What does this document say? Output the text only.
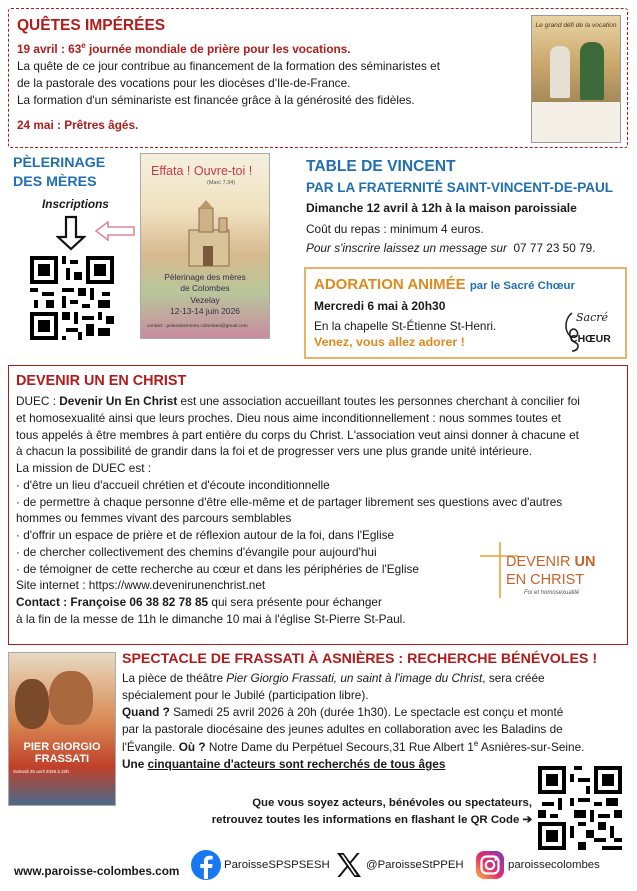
QUÊTES IMPÉRÉES

19 avril : 63e journée mondiale de prière pour les vocations.

La quête de ce jour contribue au financement de la formation des séminaristes et

de la pastorale des vocations pour les diocèses d'Ile-de-France.

La formation d'un séminariste est financée grâce à la générosité des fidèles.

24 mai : Prêtres âgés.

Le grand défi de la vocation
PÈLERINAGE
DES MÈRES
Inscriptions
Effata ! Ouvre-toi !
(Marc 7,34)
Pèlerinage des mères
de Colombes
Vezelay
12-13-14 juin 2026
contact : pelesdesmeres.colombes@gmail.com
TABLE DE VINCENT
PAR LA FRATERNITÉ SAINT-VINCENT-DE-PAUL
Dimanche 12 avril à 12h à la maison paroissiale
Coût du repas : minimum 4 euros.
Pour s'inscrire laissez un message sur 07 77 23 50 79.
ADORATION ANIMÉE par le Sacré Chœur
Mercredi 6 mai à 20h30
En la chapelle St-Étienne St-Henri.
Venez, vous allez adorer !
Sacré
CHŒUR
DEVENIR UN EN CHRIST

DUEC : Devenir Un En Christ est une association accueillant toutes les personnes cherchant à concilier foi

et homosexualité ainsi que leurs proches. Dieu nous aime inconditionnellement : nous sommes toutes et

tous appelés à être membres à part entière du corps du Christ. L'association veut ainsi donner à chacune et

à chacun la possibilité de grandir dans la foi et de progresser vers une plus grande unité intérieure.

La mission de DUEC est :

· d'être un lieu d'accueil chrétien et d'écoute inconditionnelle

· de permettre à chaque personne d'être elle-même et de partager librement ses questions avec d'autres

hommes ou femmes vivant des parcours semblables

· d'offrir un espace de prière et de réflexion autour de la foi, dans l'Eglise

· de chercher collectivement des chemins d'évangile pour aujourd'hui

· de témoigner de cette recherche au cœur et dans les périphéries de l'Eglise

Site internet : https://www.devenirunenchrist.net

Contact : Françoise 06 38 82 78 85 qui sera présente pour échanger

à la fin de la messe de 11h le dimanche 10 mai à l'église St-Pierre St-Paul.

DEVENIR UN
EN CHRIST
Foi et homosexualité
PIER GIORGIO
FRASSATI
Samedi 25 avril 2026 à 20h
SPECTACLE DE FRASSATI À ASNIÈRES : RECHERCHE BÉNÉVOLES !

La pièce de théâtre Pier Giorgio Frassati, un saint à l'image du Christ, sera créée

spécialement pour le Jubilé (participation libre).

Quand ? Samedi 25 avril 2026 à 20h (durée 1h30). Le spectacle est conçu et monté

par la pastorale diocésaine des jeunes adultes en collaboration avec les Baladins de

l'Évangile. Où ? Notre Dame du Perpétuel Secours,31 Rue Albert 1e Asnières-sur-Seine.

Une cinquantaine d'acteurs sont recherchés de tous âges

Que vous soyez acteurs, bénévoles ou spectateurs,
retrouvez toutes les informations en flashant le QR Code ➔
www.paroisse-colombes.com	ParoisseSPSPSESH	@ParoisseStPPEH	paroissecolombes
